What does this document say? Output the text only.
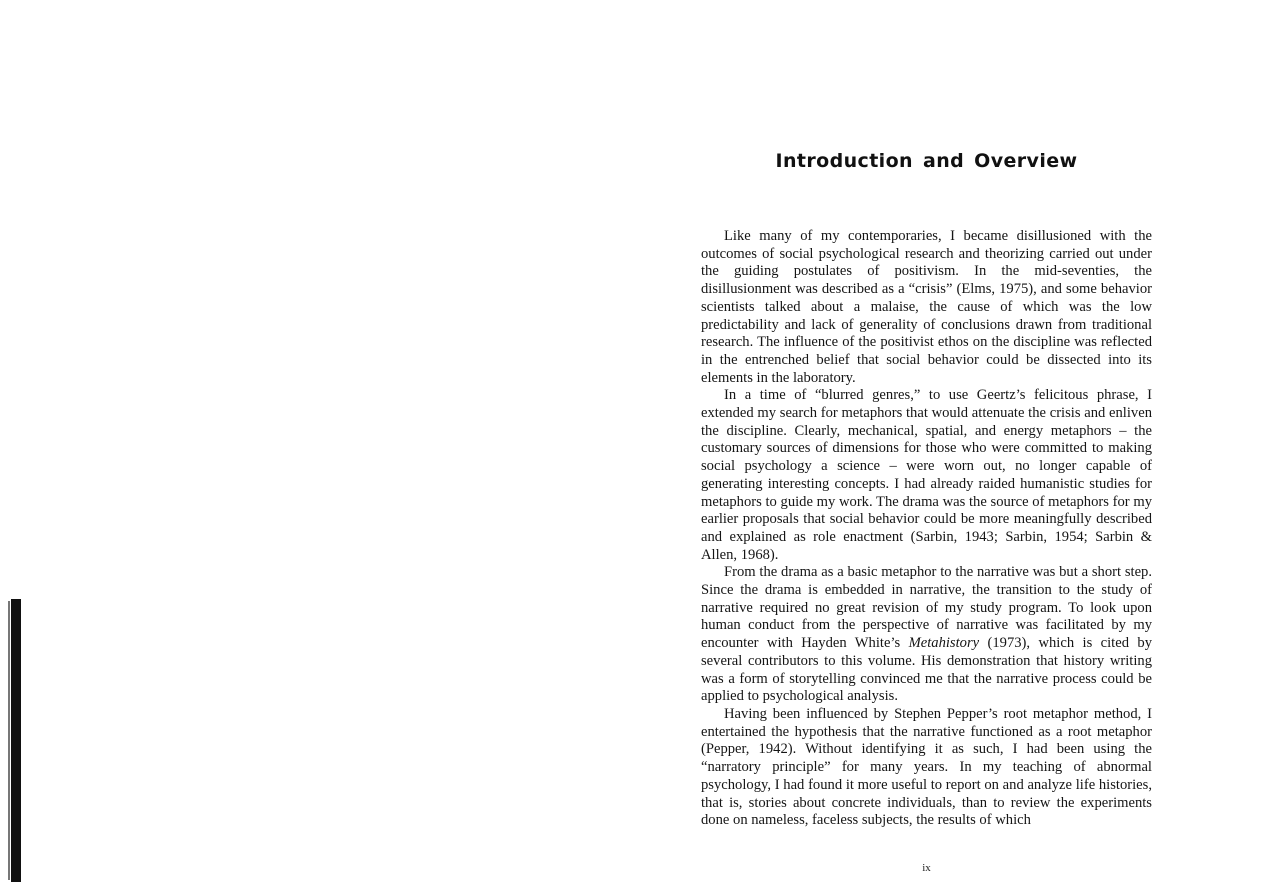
Introduction and Overview

Like many of my contemporaries, I became disillusioned with the outcomes of social psychological research and theorizing carried out under the guiding postulates of positivism. In the mid-seventies, the disillusionment was described as a “crisis” (Elms, 1975), and some behavior scientists talked about a malaise, the cause of which was the low predictability and lack of generality of conclusions drawn from traditional research. The influence of the positivist ethos on the discipline was reflected in the entrenched belief that social behavior could be dissected into its elements in the laboratory.

In a time of “blurred genres,” to use Geertz’s felicitous phrase, I extended my search for metaphors that would attenuate the crisis and enliven the discipline. Clearly, mechanical, spatial, and energy metaphors – the customary sources of dimensions for those who were committed to making social psychology a science – were worn out, no longer capable of generating interesting concepts. I had already raided humanistic studies for metaphors to guide my work. The drama was the source of metaphors for my earlier proposals that social behavior could be more meaningfully described and explained as role enactment (Sarbin, 1943; Sarbin, 1954; Sarbin & Allen, 1968).

From the drama as a basic metaphor to the narrative was but a short step. Since the drama is embedded in narrative, the transition to the study of narrative required no great revision of my study program. To look upon human conduct from the perspective of narrative was facilitated by my encounter with Hayden White’s Metahistory (1973), which is cited by several contributors to this volume. His demonstration that history writing was a form of storytelling convinced me that the narrative process could be applied to psychological analysis.

Having been influenced by Stephen Pepper’s root metaphor method, I entertained the hypothesis that the narrative functioned as a root metaphor (Pepper, 1942). Without identifying it as such, I had been using the “narratory principle” for many years. In my teaching of abnormal psychology, I had found it more useful to report on and analyze life histories, that is, stories about concrete individuals, than to review the experiments done on nameless, faceless subjects, the results of which

ix
